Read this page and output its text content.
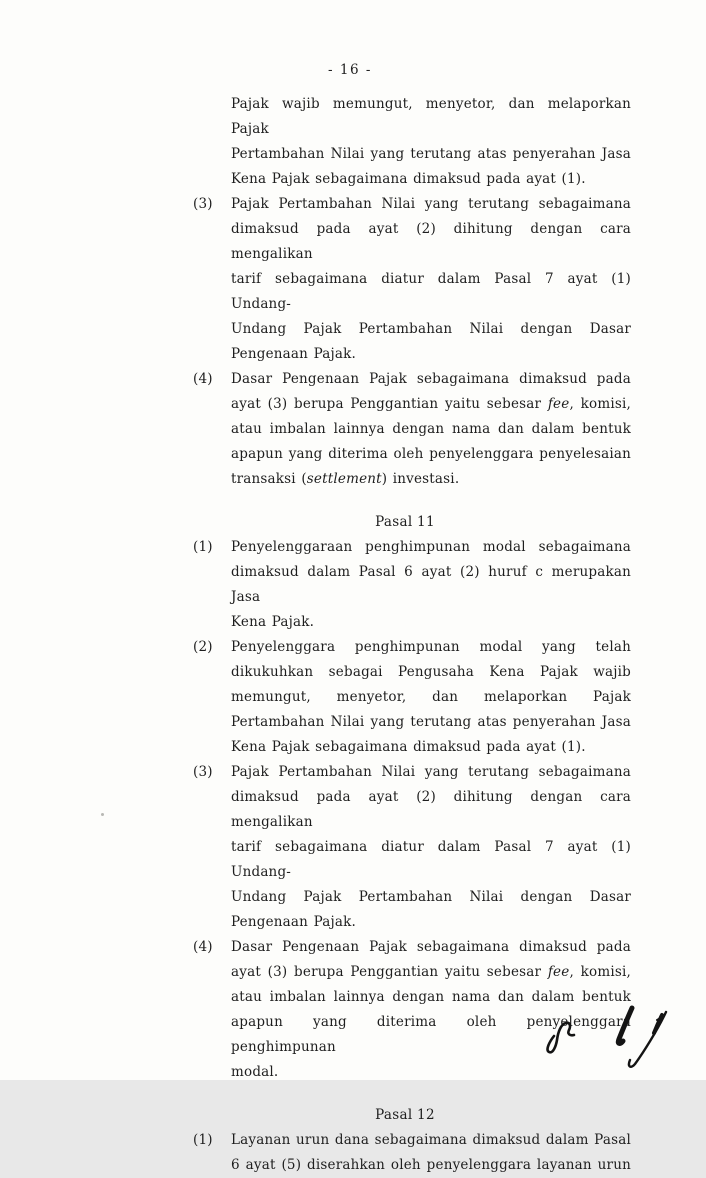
- 16 -
Pajak wajib memungut, menyetor, dan melaporkan Pajak
Pertambahan Nilai yang terutang atas penyerahan Jasa
Kena Pajak sebagaimana dimaksud pada ayat (1).
(3)	Pajak Pertambahan Nilai yang terutang sebagaimana
dimaksud pada ayat (2) dihitung dengan cara mengalikan
tarif sebagaimana diatur dalam Pasal 7 ayat (1) Undang-
Undang Pajak Pertambahan Nilai dengan Dasar
Pengenaan Pajak.
(4)	Dasar Pengenaan Pajak sebagaimana dimaksud pada
ayat (3) berupa Penggantian yaitu sebesar fee, komisi,
atau imbalan lainnya dengan nama dan dalam bentuk
apapun yang diterima oleh penyelenggara penyelesaian
transaksi (settlement) investasi.
Pasal 11
(1)	Penyelenggaraan penghimpunan modal sebagaimana
dimaksud dalam Pasal 6 ayat (2) huruf c merupakan Jasa
Kena Pajak.
(2)	Penyelenggara penghimpunan modal yang telah
dikukuhkan sebagai Pengusaha Kena Pajak wajib
memungut, menyetor, dan melaporkan Pajak
Pertambahan Nilai yang terutang atas penyerahan Jasa
Kena Pajak sebagaimana dimaksud pada ayat (1).
(3)	Pajak Pertambahan Nilai yang terutang sebagaimana
dimaksud pada ayat (2) dihitung dengan cara mengalikan
tarif sebagaimana diatur dalam Pasal 7 ayat (1) Undang-
Undang Pajak Pertambahan Nilai dengan Dasar
Pengenaan Pajak.
(4)	Dasar Pengenaan Pajak sebagaimana dimaksud pada
ayat (3) berupa Penggantian yaitu sebesar fee, komisi,
atau imbalan lainnya dengan nama dan dalam bentuk
apapun yang diterima oleh penyelenggara penghimpunan
modal.
Pasal 12
(1)	Layanan urun dana sebagaimana dimaksud dalam Pasal
6 ayat (5) diserahkan oleh penyelenggara layanan urun
